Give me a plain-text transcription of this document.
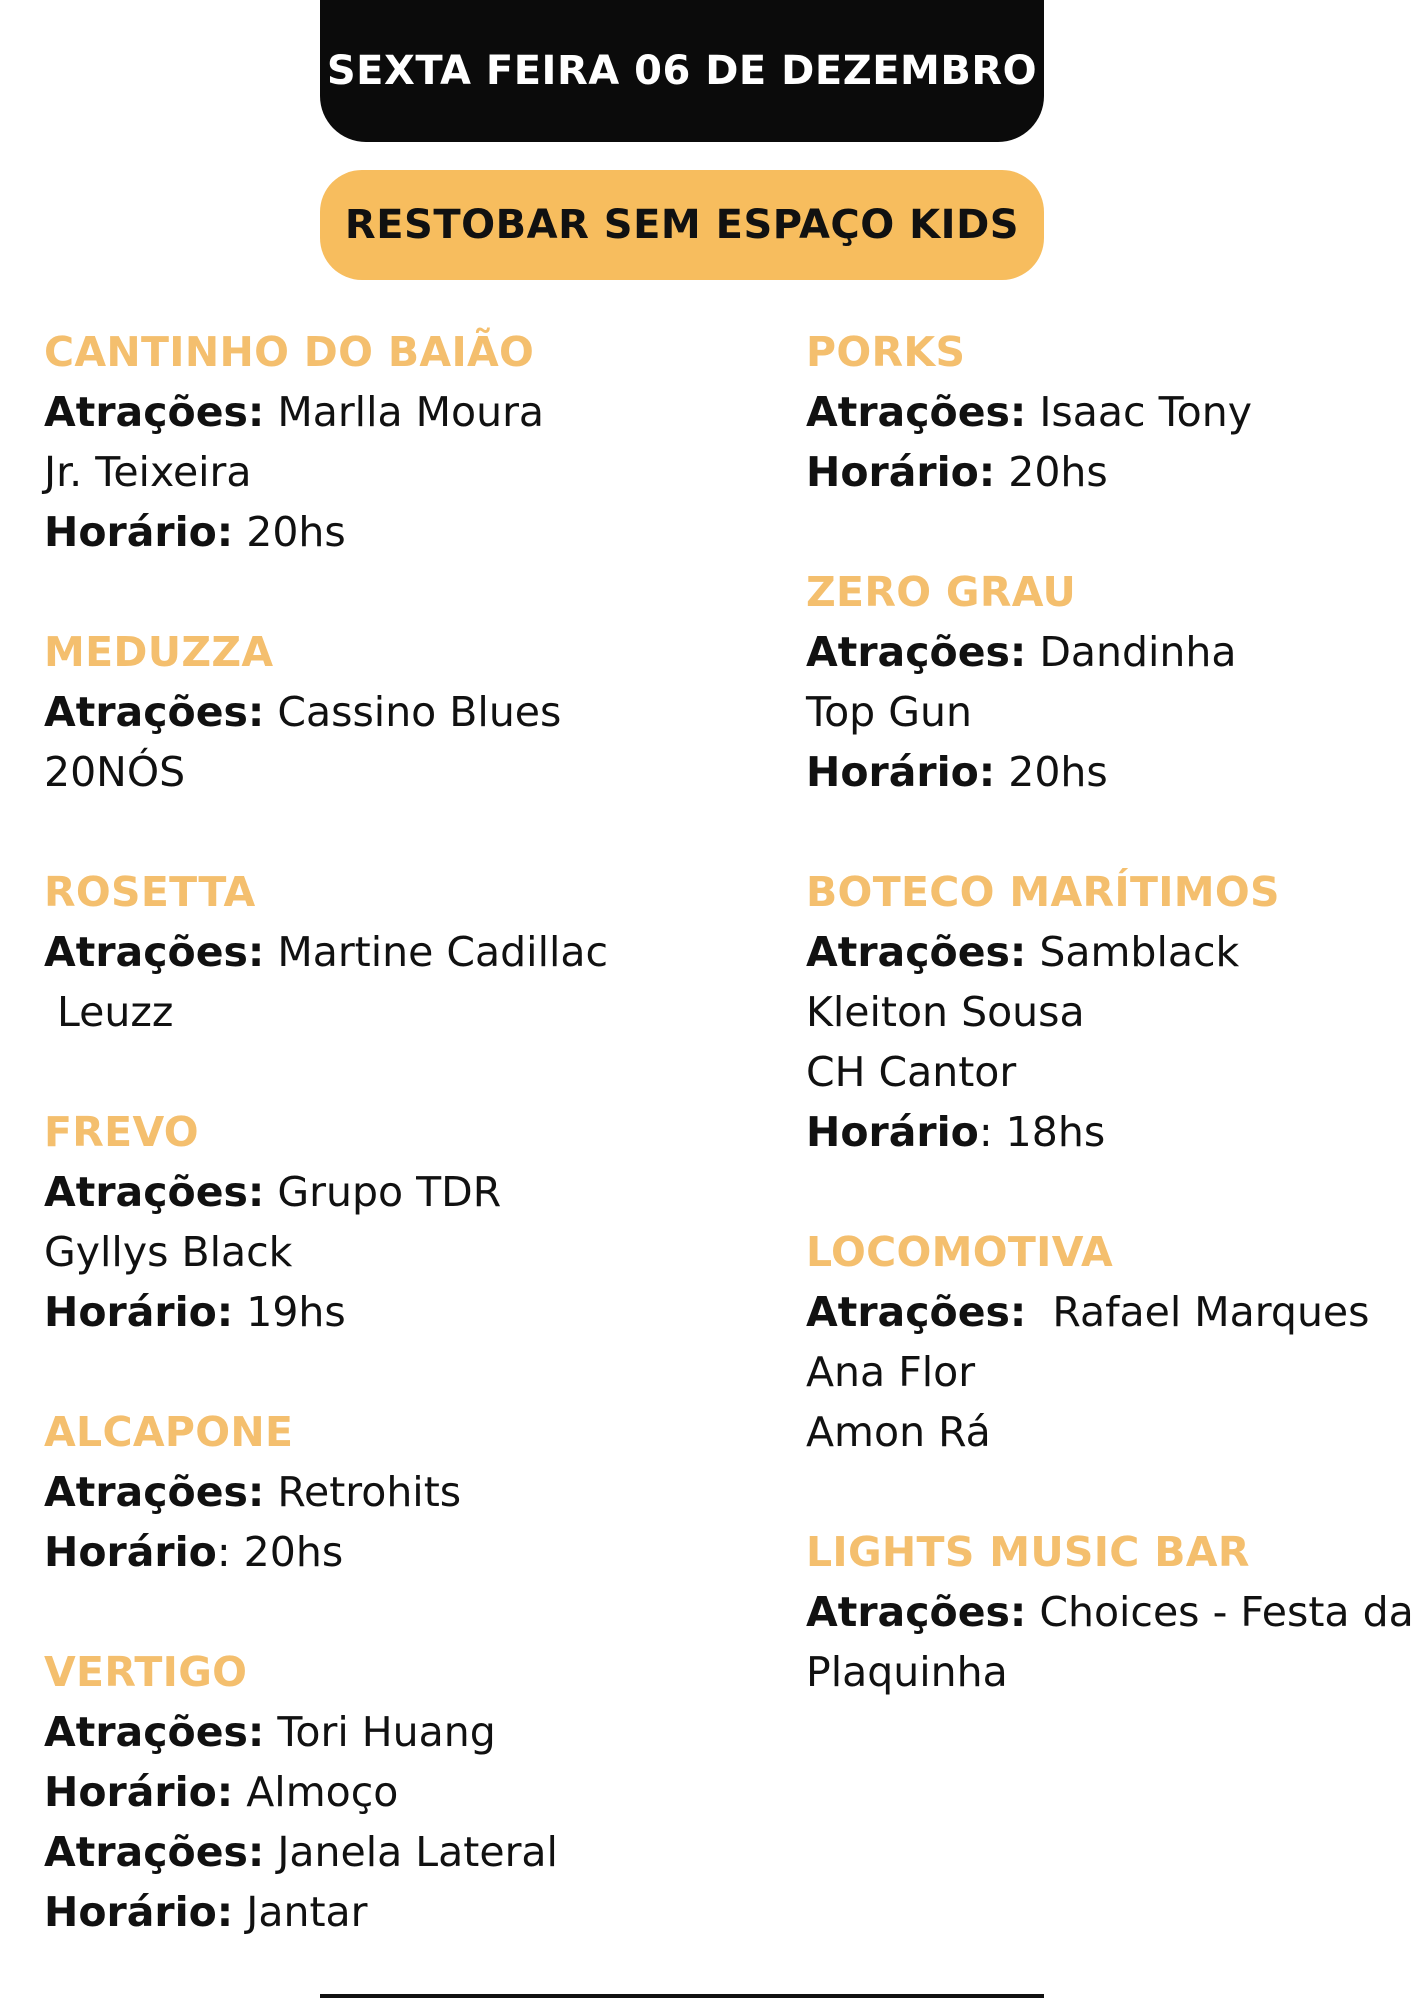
SEXTA FEIRA 06 DE DEZEMBRO
RESTOBAR SEM ESPAÇO KIDS
CANTINHO DO BAIÃO
Atrações: Marlla Moura
Jr. Teixeira
Horário: 20hs
MEDUZZA
Atrações: Cassino Blues
20NÓS
ROSETTA
Atrações: Martine Cadillac
Leuzz
FREVO
Atrações: Grupo TDR
Gyllys Black
Horário: 19hs
ALCAPONE
Atrações: Retrohits
Horário: 20hs
VERTIGO
Atrações: Tori Huang
Horário: Almoço
Atrações: Janela Lateral
Horário: Jantar
PORKS
Atrações: Isaac Tony
Horário: 20hs
ZERO GRAU
Atrações: Dandinha
Top Gun
Horário: 20hs
BOTECO MARÍTIMOS
Atrações: Samblack
Kleiton Sousa
CH Cantor
Horário: 18hs
LOCOMOTIVA
Atrações:  Rafael Marques
Ana Flor
Amon Rá
LIGHTS MUSIC BAR
Atrações: Choices - Festa da
Plaquinha
